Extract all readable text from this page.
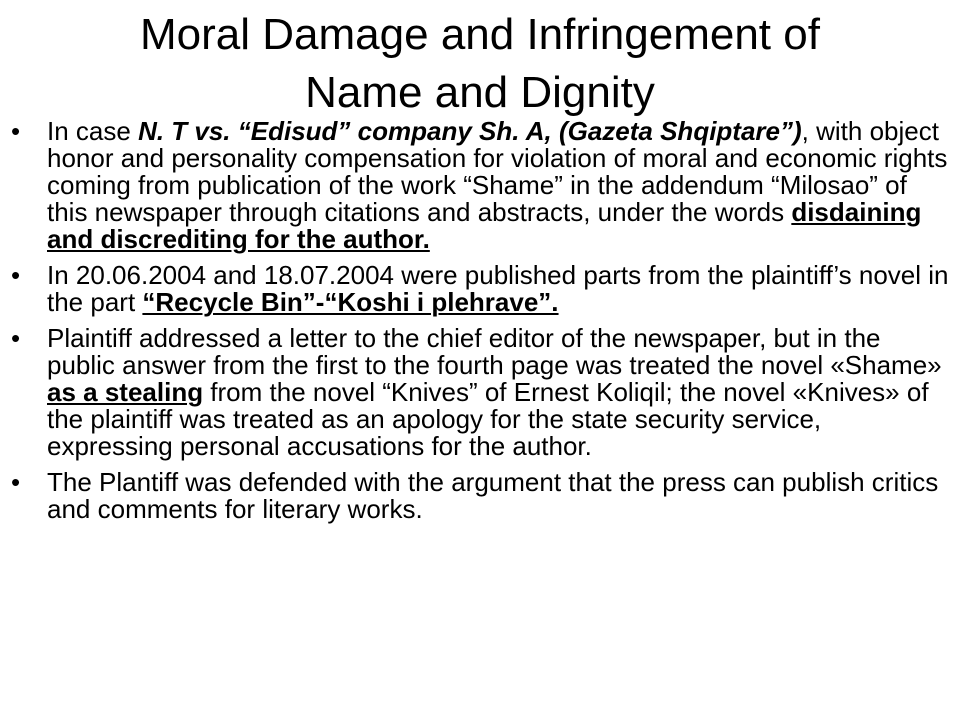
Moral Damage and Infringement of
Name and Dignity
• In case N. T vs. “Edisud” company Sh. A, (Gazeta Shqiptare”), with object honor and personality compensation for violation of moral and economic rights coming from publication of the work “Shame” in the addendum “Milosao” of this newspaper through citations and abstracts, under the words disdaining and discrediting for the author.
• In 20.06.2004 and 18.07.2004 were published parts from the plaintiff’s novel in the part “Recycle Bin”-“Koshi i plehrave”.
• Plaintiff addressed a letter to the chief editor of the newspaper, but in the public answer from the first to the fourth page was treated the novel «Shame» as a stealing from the novel “Knives” of Ernest Koliqil; the novel «Knives» of the plaintiff was treated as an apology for the state security service, expressing personal accusations for the author.
• The Plantiff was defended with the argument that the press can publish critics and comments for literary works.
